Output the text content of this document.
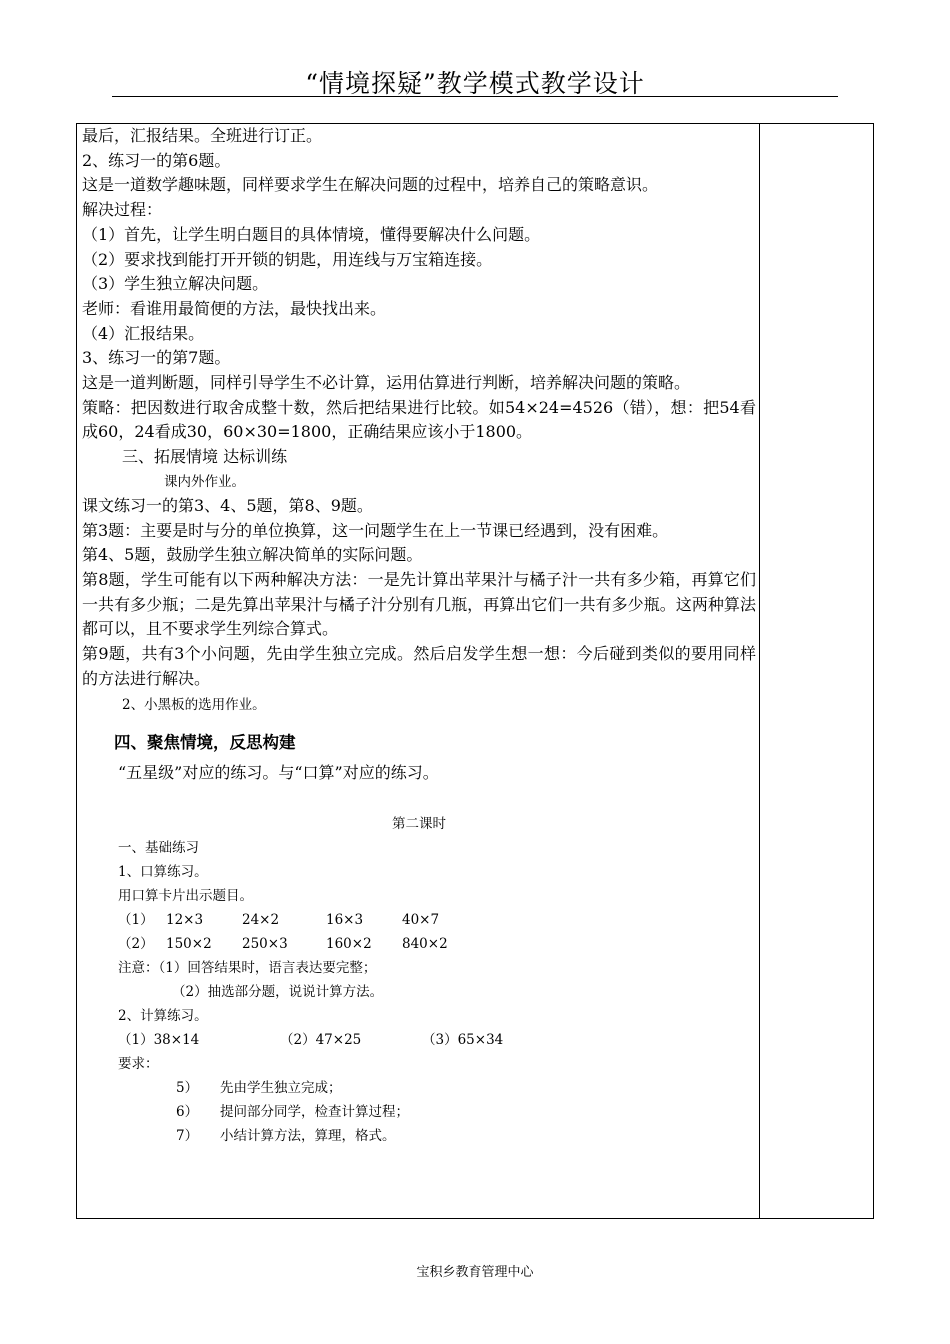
“情境探疑”教学模式教学设计

最后，汇报结果。全班进行订正。

2、练习一的第6题。

这是一道数学趣味题，同样要求学生在解决问题的过程中，培养自己的策略意识。

解决过程：

（1）首先，让学生明白题目的具体情境，懂得要解决什么问题。

（2）要求找到能打开开锁的钥匙，用连线与万宝箱连接。

（3）学生独立解决问题。

老师：看谁用最简便的方法，最快找出来。

（4）汇报结果。

3、练习一的第7题。

这是一道判断题，同样引导学生不必计算，运用估算进行判断，培养解决问题的策略。

策略：把因数进行取舍成整十数，然后把结果进行比较。如54×24=4526（错），想：把54看成60，24看成30，60×30=1800，正确结果应该小于1800。

三、拓展情境 达标训练

课内外作业。

课文练习一的第3、4、5题，第8、9题。

第3题：主要是时与分的单位换算，这一问题学生在上一节课已经遇到，没有困难。

第4、5题，鼓励学生独立解决简单的实际问题。

第8题，学生可能有以下两种解决方法：一是先计算出苹果汁与橘子汁一共有多少箱，再算它们一共有多少瓶；二是先算出苹果汁与橘子汁分别有几瓶，再算出它们一共有多少瓶。这两种算法都可以，且不要求学生列综合算式。

第9题，共有3个小问题，先由学生独立完成。然后启发学生想一想：今后碰到类似的要用同样的方法进行解决。

2、小黑板的选用作业。

四、聚焦情境，反思构建

“五星级”对应的练习。与“口算”对应的练习。

第二课时

一、基础练习

1、口算练习。

用口算卡片出示题目。

（1） 12×3	24×2	16×3	40×7
（2） 150×2	250×3	160×2	840×2

注意：（1）回答结果时，语言表达要完整；

（2）抽选部分题，说说计算方法。

2、计算练习。

（1）38×14	（2）47×25	（3）65×34

要求：

5）	先由学生独立完成；
6）	提问部分同学，检查计算过程；
7）	小结计算方法，算理，格式。
宝积乡教育管理中心
